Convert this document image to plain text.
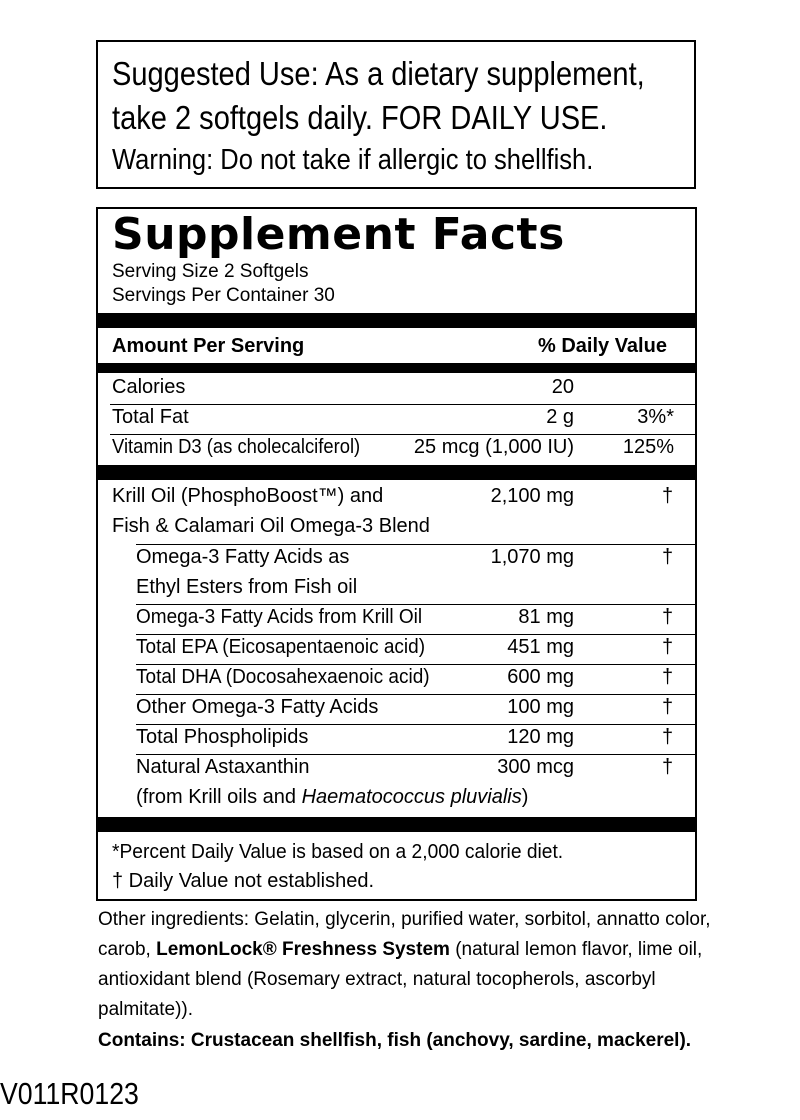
Suggested Use: As a dietary supplement,
take 2 softgels daily. FOR DAILY USE.
Warning: Do not take if allergic to shellfish.
Supplement Facts
Serving Size 2 Softgels
Servings Per Container 30
Amount Per Serving	% Daily Value
Calories	20
Total Fat	2 g	3%*
Vitamin D3 (as cholecalciferol)	25 mcg (1,000 IU)	125%
Krill Oil (PhosphoBoost™) and
Fish & Calamari Oil Omega-3 Blend
2,100 mg	†
Omega-3 Fatty Acids as
Ethyl Esters from Fish oil
1,070 mg	†
Omega-3 Fatty Acids from Krill Oil	81 mg	†
Total EPA (Eicosapentaenoic acid)	451 mg	†
Total DHA (Docosahexaenoic acid)	600 mg	†
Other Omega-3 Fatty Acids	100 mg	†
Total Phospholipids	120 mg	†
Natural Astaxanthin	300 mcg	†
(from Krill oils and Haematococcus pluvialis)
*Percent Daily Value is based on a 2,000 calorie diet.
† Daily Value not established.
Other ingredients: Gelatin, glycerin, purified water, sorbitol, annatto color, carob, LemonLock® Freshness System (natural lemon flavor, lime oil, antioxidant blend (Rosemary extract, natural tocopherols, ascorbyl palmitate)).
Contains: Crustacean shellfish, fish (anchovy, sardine, mackerel).
V011R0123
